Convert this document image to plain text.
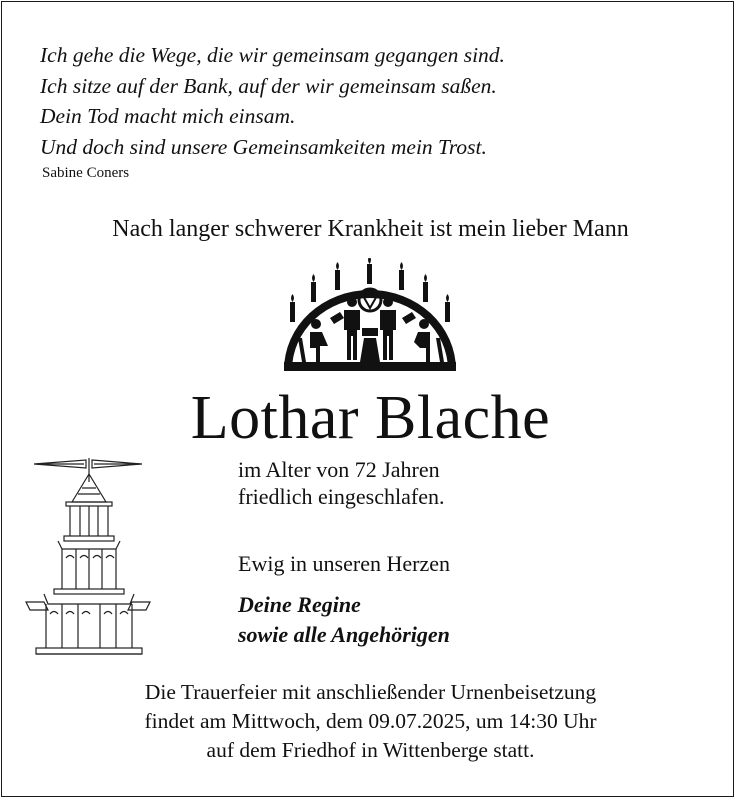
Ich gehe die Wege, die wir gemeinsam gegangen sind.
Ich sitze auf der Bank, auf der wir gemeinsam saßen.
Dein Tod macht mich einsam.
Und doch sind unsere Gemeinsamkeiten mein Trost.
Sabine Coners
Nach langer schwerer Krankheit ist mein lieber Mann
Lothar Blache
im Alter von 72 Jahren
friedlich eingeschlafen.
Ewig in unseren Herzen
Deine Regine
sowie alle Angehörigen
Die Trauerfeier mit anschließender Urnenbeisetzung
findet am Mittwoch, dem 09.07.2025, um 14:30 Uhr
auf dem Friedhof in Wittenberge statt.
